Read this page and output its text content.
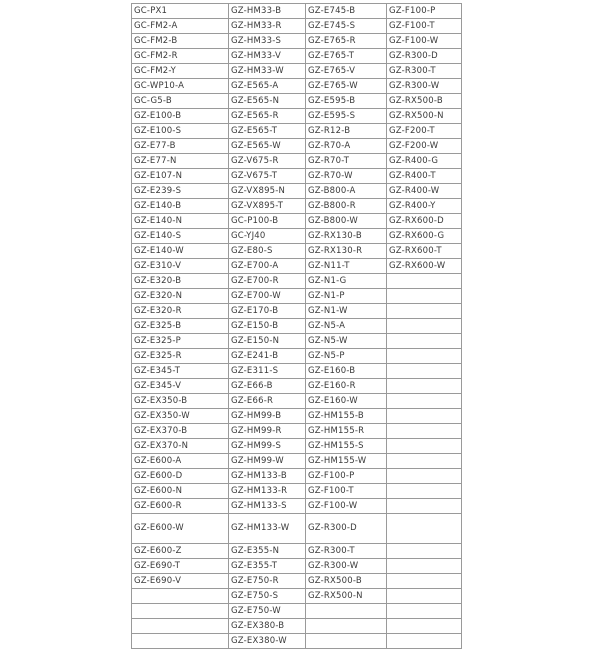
GC-PX1	GZ-HM33-B	GZ-E745-B	GZ-F100-P
GC-FM2-A	GZ-HM33-R	GZ-E745-S	GZ-F100-T
GC-FM2-B	GZ-HM33-S	GZ-E765-R	GZ-F100-W
GC-FM2-R	GZ-HM33-V	GZ-E765-T	GZ-R300-D
GC-FM2-Y	GZ-HM33-W	GZ-E765-V	GZ-R300-T
GC-WP10-A	GZ-E565-A	GZ-E765-W	GZ-R300-W
GC-G5-B	GZ-E565-N	GZ-E595-B	GZ-RX500-B
GZ-E100-B	GZ-E565-R	GZ-E595-S	GZ-RX500-N
GZ-E100-S	GZ-E565-T	GZ-R12-B	GZ-F200-T
GZ-E77-B	GZ-E565-W	GZ-R70-A	GZ-F200-W
GZ-E77-N	GZ-V675-R	GZ-R70-T	GZ-R400-G
GZ-E107-N	GZ-V675-T	GZ-R70-W	GZ-R400-T
GZ-E239-S	GZ-VX895-N	GZ-B800-A	GZ-R400-W
GZ-E140-B	GZ-VX895-T	GZ-B800-R	GZ-R400-Y
GZ-E140-N	GC-P100-B	GZ-B800-W	GZ-RX600-D
GZ-E140-S	GC-YJ40	GZ-RX130-B	GZ-RX600-G
GZ-E140-W	GZ-E80-S	GZ-RX130-R	GZ-RX600-T
GZ-E310-V	GZ-E700-A	GZ-N11-T	GZ-RX600-W
GZ-E320-B	GZ-E700-R	GZ-N1-G	
GZ-E320-N	GZ-E700-W	GZ-N1-P	
GZ-E320-R	GZ-E170-B	GZ-N1-W	
GZ-E325-B	GZ-E150-B	GZ-N5-A	
GZ-E325-P	GZ-E150-N	GZ-N5-W	
GZ-E325-R	GZ-E241-B	GZ-N5-P	
GZ-E345-T	GZ-E311-S	GZ-E160-B	
GZ-E345-V	GZ-E66-B	GZ-E160-R	
GZ-EX350-B	GZ-E66-R	GZ-E160-W	
GZ-EX350-W	GZ-HM99-B	GZ-HM155-B	
GZ-EX370-B	GZ-HM99-R	GZ-HM155-R	
GZ-EX370-N	GZ-HM99-S	GZ-HM155-S	
GZ-E600-A	GZ-HM99-W	GZ-HM155-W	
GZ-E600-D	GZ-HM133-B	GZ-F100-P	
GZ-E600-N	GZ-HM133-R	GZ-F100-T	
GZ-E600-R	GZ-HM133-S	GZ-F100-W	
GZ-E600-W	GZ-HM133-W	GZ-R300-D	
GZ-E600-Z	GZ-E355-N	GZ-R300-T	
GZ-E690-T	GZ-E355-T	GZ-R300-W	
GZ-E690-V	GZ-E750-R	GZ-RX500-B	
	GZ-E750-S	GZ-RX500-N	
	GZ-E750-W		
	GZ-EX380-B		
	GZ-EX380-W		
